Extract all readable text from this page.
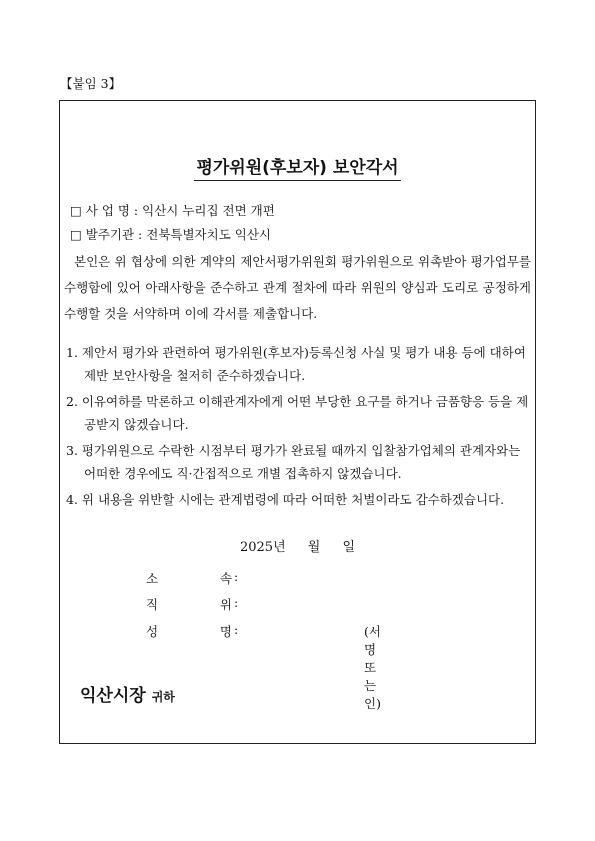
【붙임 3】
평가위원(후보자) 보안각서
□ 사 업 명 : 익산시 누리집 전면 개편
□ 발주기관 : 전북특별자치도 익산시
본인은 위 협상에 의한 계약의 제안서평가위원회 평가위원으로 위촉받아 평가업무를 수행함에 있어 아래사항을 준수하고 관계 절차에 따라 위원의 양심과 도리로 공정하게 수행할 것을 서약하며 이에 각서를 제출합니다.
1. 제안서 평가와 관련하여 평가위원(후보자)등록신청 사실 및 평가 내용 등에 대하여 제반 보안사항을 철저히 준수하겠습니다.
2. 이유여하를 막론하고 이해관계자에게 어떤 부당한 요구를 하거나 금품향응 등을 제공받지 않겠습니다.
3. 평가위원으로 수락한 시점부터 평가가 완료될 때까지 입찰참가업체의 관계자와는 어떠한 경우에도 직·간접적으로 개별 접촉하지 않겠습니다.
4. 위 내용을 위반할 시에는 관계법령에 따라 어떠한 처벌이라도 감수하겠습니다.
2025년 월 일
소	속 :
직	위 :
성	명 :	(서명 또는 인)
익산시장 귀하
